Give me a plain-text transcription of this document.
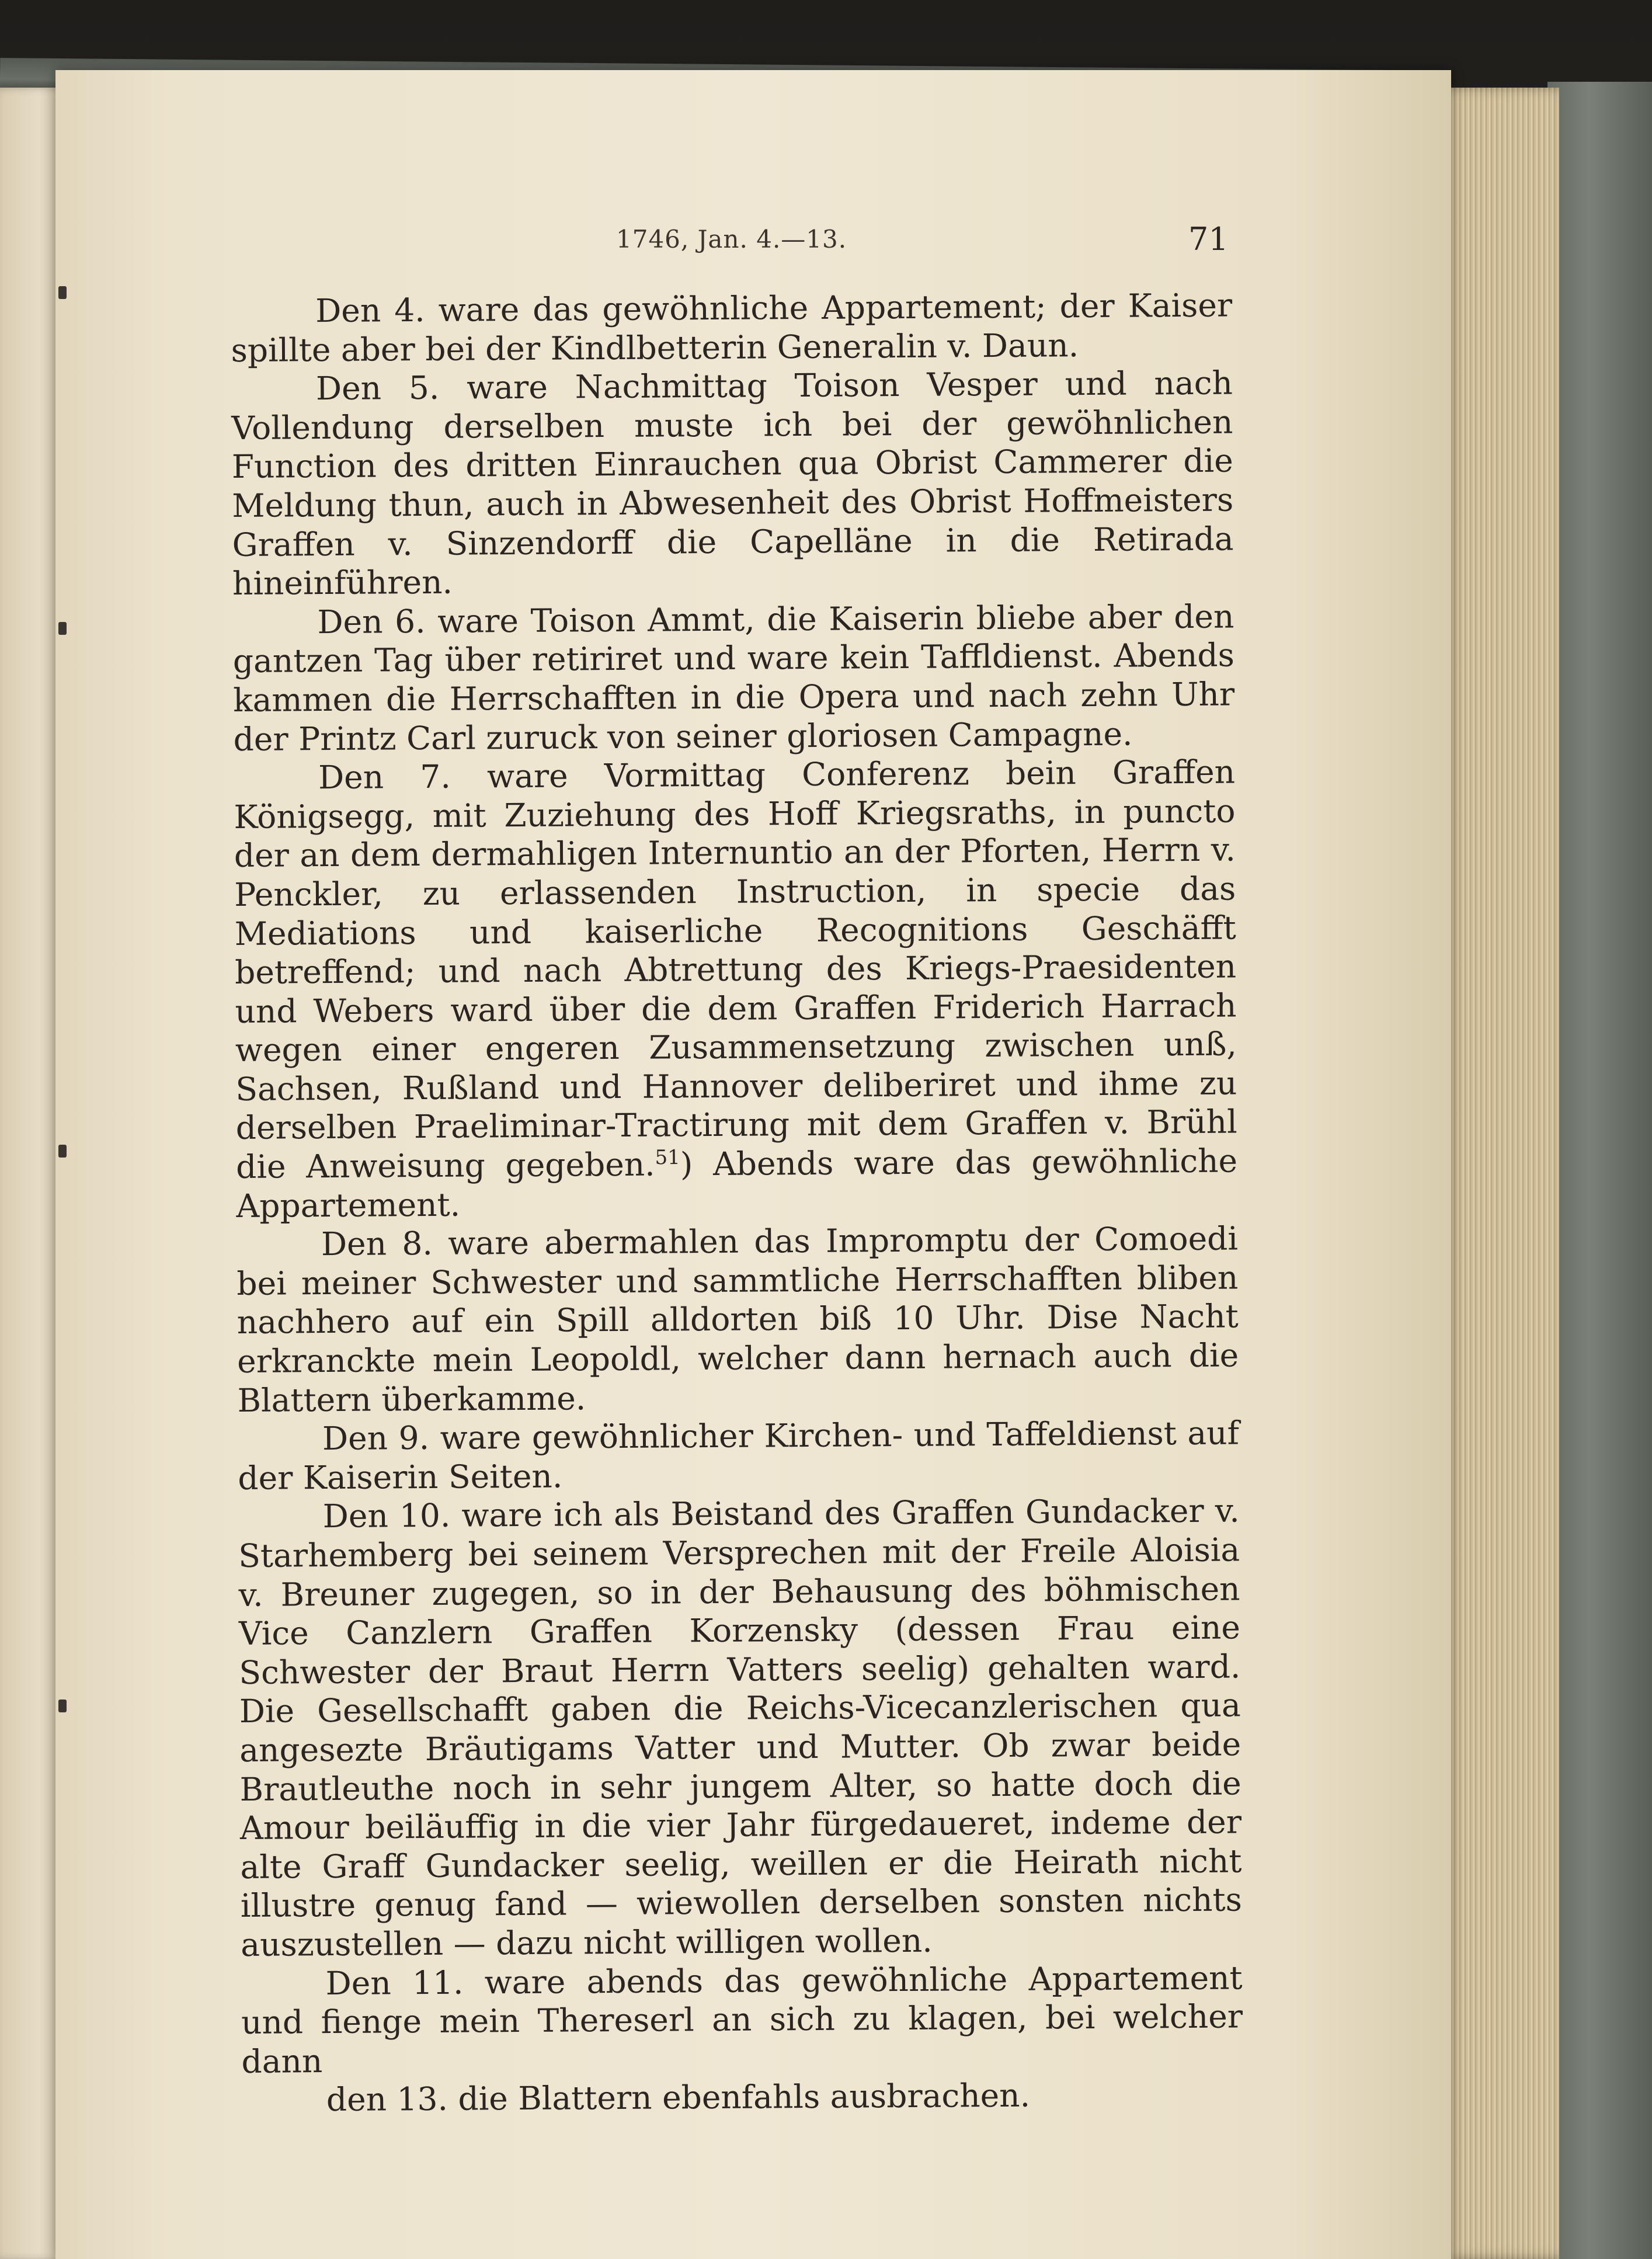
1746, Jan. 4.—13.	71

Den 4. ware das gewöhnliche Appartement; der Kaiser spillte aber bei der Kindlbetterin Generalin v. Daun.

Den 5. ware Nachmittag Toison Vesper und nach Vollendung derselben muste ich bei der gewöhnlichen Function des dritten Einrauchen qua Obrist Cammerer die Meldung thun, auch in Abwesenheit des Obrist Hoffmeisters Graffen v. Sinzendorff die Capelläne in die Retirada hineinführen.

Den 6. ware Toison Ammt, die Kaiserin bliebe aber den gantzen Tag über retiriret und ware kein Taffldienst. Abends kammen die Herrschafften in die Opera und nach zehn Uhr der Printz Carl zuruck von seiner gloriosen Campagne.

Den 7. ware Vormittag Conferenz bein Graffen Königsegg, mit Zuziehung des Hoff Kriegsraths, in puncto der an dem dermahligen Internuntio an der Pforten, Herrn v. Penckler, zu erlassenden Instruction, in specie das Mediations und kaiserliche Recognitions Geschäfft betreffend; und nach Abtrettung des Kriegs-Praesidenten und Webers ward über die dem Graffen Friderich Harrach wegen einer engeren Zusammensetzung zwischen unß, Sachsen, Rußland und Hannover deliberiret und ihme zu derselben Praeliminar-Tractirung mit dem Graffen v. Brühl die Anweisung gegeben.$^{51}$) Abends ware das gewöhnliche Appartement.

Den 8. ware abermahlen das Impromptu der Comoedi bei meiner Schwester und sammtliche Herrschafften bliben nachhero auf ein Spill alldorten biß 10 Uhr. Dise Nacht erkranckte mein Leopoldl, welcher dann hernach auch die Blattern überkamme.

Den 9. ware gewöhnlicher Kirchen- und Taffeldienst auf der Kaiserin Seiten.

Den 10. ware ich als Beistand des Graffen Gundacker v. Starhemberg bei seinem Versprechen mit der Freile Aloisia v. Breuner zugegen, so in der Behausung des böhmischen Vice Canzlern Graffen Korzensky (dessen Frau eine Schwester der Braut Herrn Vatters seelig) gehalten ward. Die Gesellschafft gaben die Reichs-Vicecanzlerischen qua angesezte Bräutigams Vatter und Mutter. Ob zwar beide Brautleuthe noch in sehr jungem Alter, so hatte doch die Amour beiläuffig in die vier Jahr fürgedaueret, indeme der alte Graff Gundacker seelig, weillen er die Heirath nicht illustre genug fand — wiewollen derselben sonsten nichts auszustellen — dazu nicht willigen wollen.

Den 11. ware abends das gewöhnliche Appartement und fienge mein Thereserl an sich zu klagen, bei welcher dann

den 13. die Blattern ebenfahls ausbrachen.
